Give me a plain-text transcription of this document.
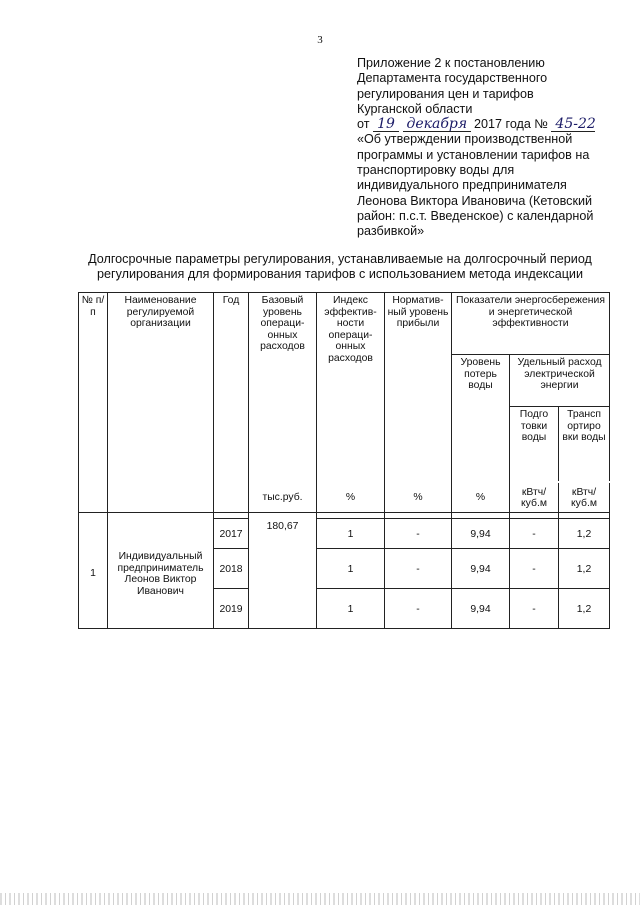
3
Приложение 2 к постановлению
Департамента государственного
регулирования цен и тарифов
Курганской области
от 19 декабря 2017 года № 45-22
«Об утверждении производственной
программы и установлении тарифов на
транспортировку воды для
индивидуального предпринимателя
Леонова Виктора Ивановича (Кетовский
район: п.с.т. Введенское) с календарной
разбивкой»
Долгосрочные параметры регулирования, устанавливаемые на долгосрочный период
регулирования для формирования тарифов с использованием метода индексации
№ п/п	Наименование регулируемой организации	Год	Базовый уровень операци-онных расходов	Индекс эффектив-ности операци-онных расходов	Норматив-ный уровень прибыли	Показатели энергосбережения и энергетической эффективности		
						Уровень потерь воды	Удельный расход электрической энергии	
							Подго товки воды	Трансп ортиро вки воды

			тыс.руб.	%	%	%	кВтч/ куб.м	кВтч/ куб.м

1	Индивидуальный предприниматель Леонов Виктор Иванович	2017	180,67	1	-	9,94	-	1,2
		2018		1	-	9,94	-	1,2
		2019		1	-	9,94	-	1,2
